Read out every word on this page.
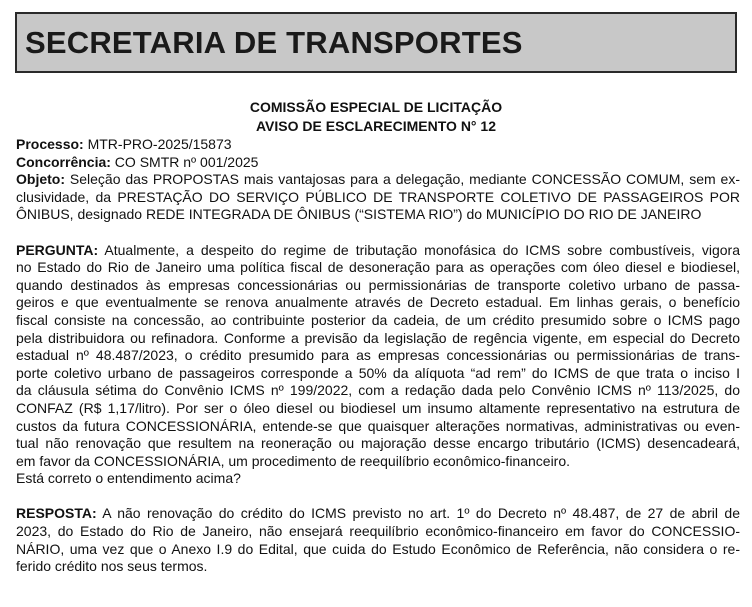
SECRETARIA DE TRANSPORTES
COMISSÃO ESPECIAL DE LICITAÇÃO
AVISO DE ESCLARECIMENTO N° 12
Processo: MTR-PRO-2025/15873
Concorrência: CO SMTR nº 001/2025
Objeto: Seleção das PROPOSTAS mais vantajosas para a delegação, mediante CONCESSÃO COMUM, sem ex-
clusividade, da PRESTAÇÃO DO SERVIÇO PÚBLICO DE TRANSPORTE COLETIVO DE PASSAGEIROS POR
ÔNIBUS, designado REDE INTEGRADA DE ÔNIBUS (“SISTEMA RIO”) do MUNICÍPIO DO RIO DE JANEIRO
PERGUNTA: Atualmente, a despeito do regime de tributação monofásica do ICMS sobre combustíveis, vigora
no Estado do Rio de Janeiro uma política fiscal de desoneração para as operações com óleo diesel e biodiesel,
quando destinados às empresas concessionárias ou permissionárias de transporte coletivo urbano de passa-
geiros e que eventualmente se renova anualmente através de Decreto estadual. Em linhas gerais, o benefício
fiscal consiste na concessão, ao contribuinte posterior da cadeia, de um crédito presumido sobre o ICMS pago
pela distribuidora ou refinadora. Conforme a previsão da legislação de regência vigente, em especial do Decreto
estadual nº 48.487/2023, o crédito presumido para as empresas concessionárias ou permissionárias de trans-
porte coletivo urbano de passageiros corresponde a 50% da alíquota “ad rem” do ICMS de que trata o inciso I
da cláusula sétima do Convênio ICMS nº 199/2022, com a redação dada pelo Convênio ICMS nº 113/2025, do
CONFAZ (R$ 1,17/litro). Por ser o óleo diesel ou biodiesel um insumo altamente representativo na estrutura de
custos da futura CONCESSIONÁRIA, entende-se que quaisquer alterações normativas, administrativas ou even-
tual não renovação que resultem na reoneração ou majoração desse encargo tributário (ICMS) desencadeará,
em favor da CONCESSIONÁRIA, um procedimento de reequilíbrio econômico-financeiro.
Está correto o entendimento acima?
RESPOSTA: A não renovação do crédito do ICMS previsto no art. 1º do Decreto nº 48.487, de 27 de abril de
2023, do Estado do Rio de Janeiro, não ensejará reequilíbrio econômico-financeiro em favor do CONCESSIO-
NÁRIO, uma vez que o Anexo I.9 do Edital, que cuida do Estudo Econômico de Referência, não considera o re-
ferido crédito nos seus termos.
